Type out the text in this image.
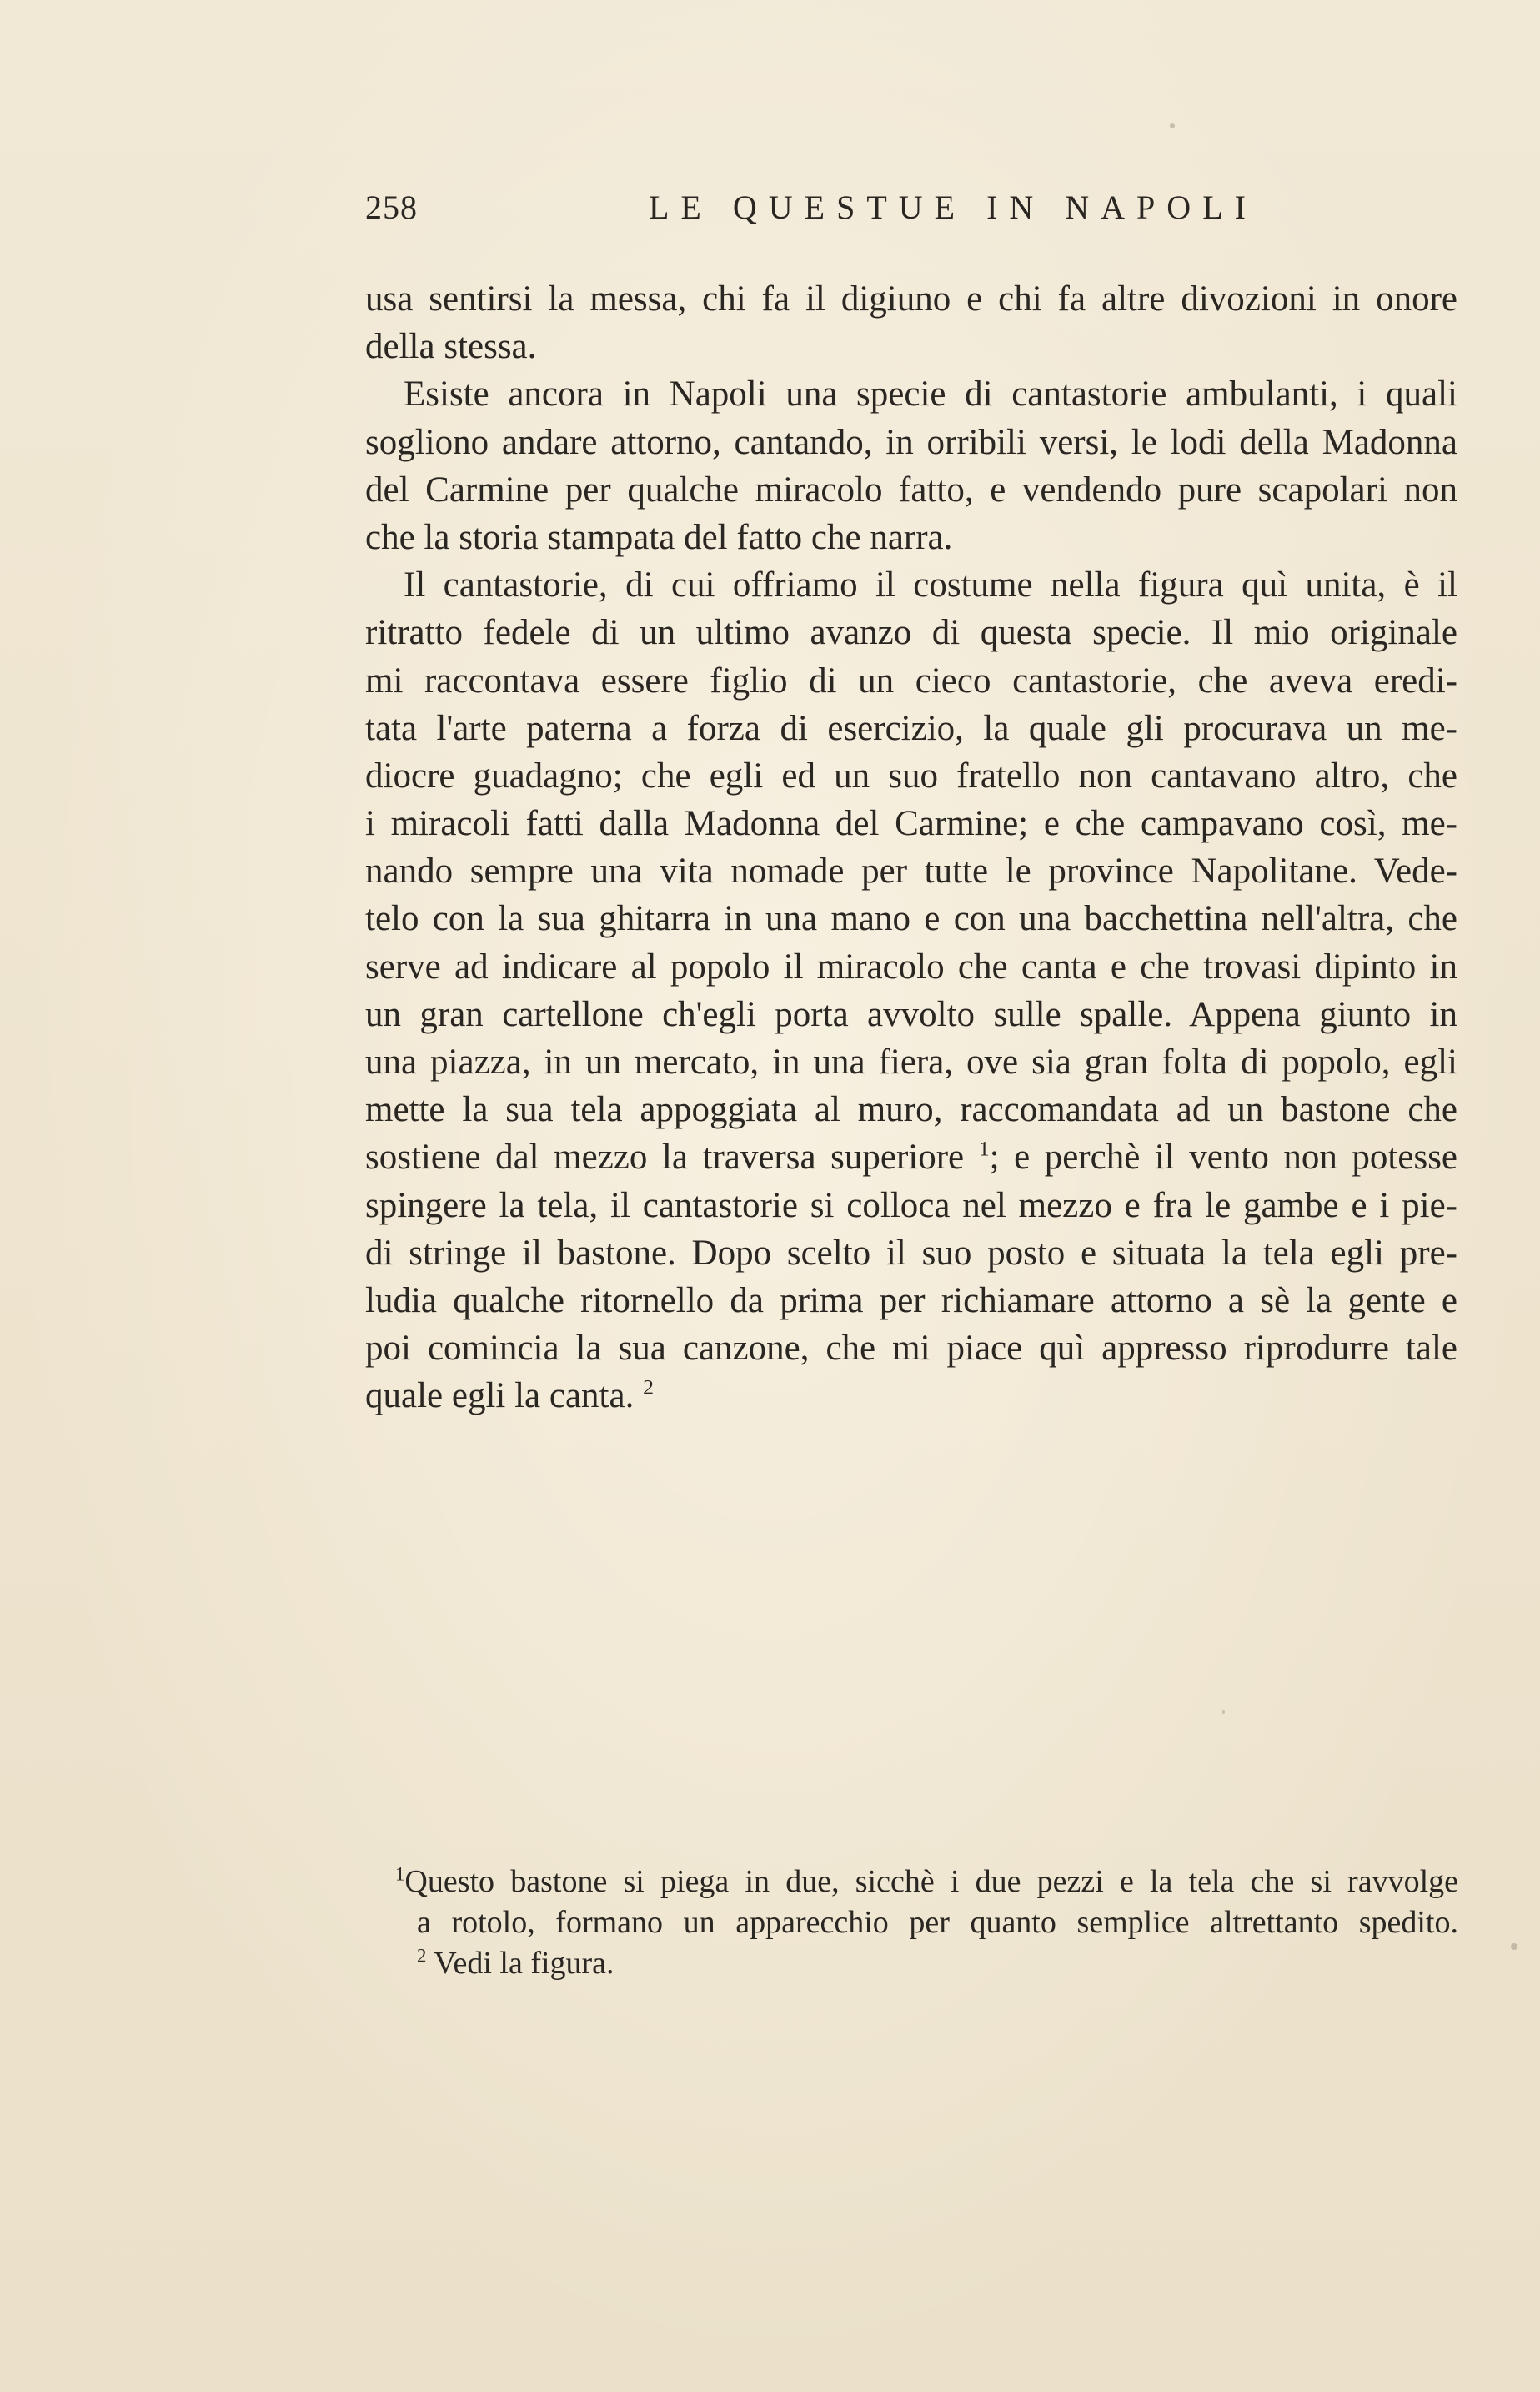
258	LE QUESTUE IN NAPOLI
usa sentirsi la messa, chi fa il digiuno e chi fa altre divozioni in onore
della stessa.
Esiste ancora in Napoli una specie di cantastorie ambulanti, i quali
sogliono andare attorno, cantando, in orribili versi, le lodi della Madonna
del Carmine per qualche miracolo fatto, e vendendo pure scapolari non
che la storia stampata del fatto che narra.
Il cantastorie, di cui offriamo il costume nella figura quì unita, è il
ritratto fedele di un ultimo avanzo di questa specie. Il mio originale
mi raccontava essere figlio di un cieco cantastorie, che aveva eredi-
tata l'arte paterna a forza di esercizio, la quale gli procurava un me-
diocre guadagno; che egli ed un suo fratello non cantavano altro, che
i miracoli fatti dalla Madonna del Carmine; e che campavano così, me-
nando sempre una vita nomade per tutte le province Napolitane. Vede-
telo con la sua ghitarra in una mano e con una bacchettina nell'altra, che
serve ad indicare al popolo il miracolo che canta e che trovasi dipinto in
un gran cartellone ch'egli porta avvolto sulle spalle. Appena giunto in
una piazza, in un mercato, in una fiera, ove sia gran folta di popolo, egli
mette la sua tela appoggiata al muro, raccomandata ad un bastone che
sostiene dal mezzo la traversa superiore $^1$; e perchè il vento non potesse
spingere la tela, il cantastorie si colloca nel mezzo e fra le gambe e i pie-
di stringe il bastone. Dopo scelto il suo posto e situata la tela egli pre-
ludia qualche ritornello da prima per richiamare attorno a sè la gente e
poi comincia la sua canzone, che mi piace quì appresso riprodurre tale
quale egli la canta. $^2$
$^1$Questo bastone si piega in due, sicchè i due pezzi e la tela che si ravvolge
a rotolo, formano un apparecchio per quanto semplice altrettanto spedito.
$^2$ Vedi la figura.
